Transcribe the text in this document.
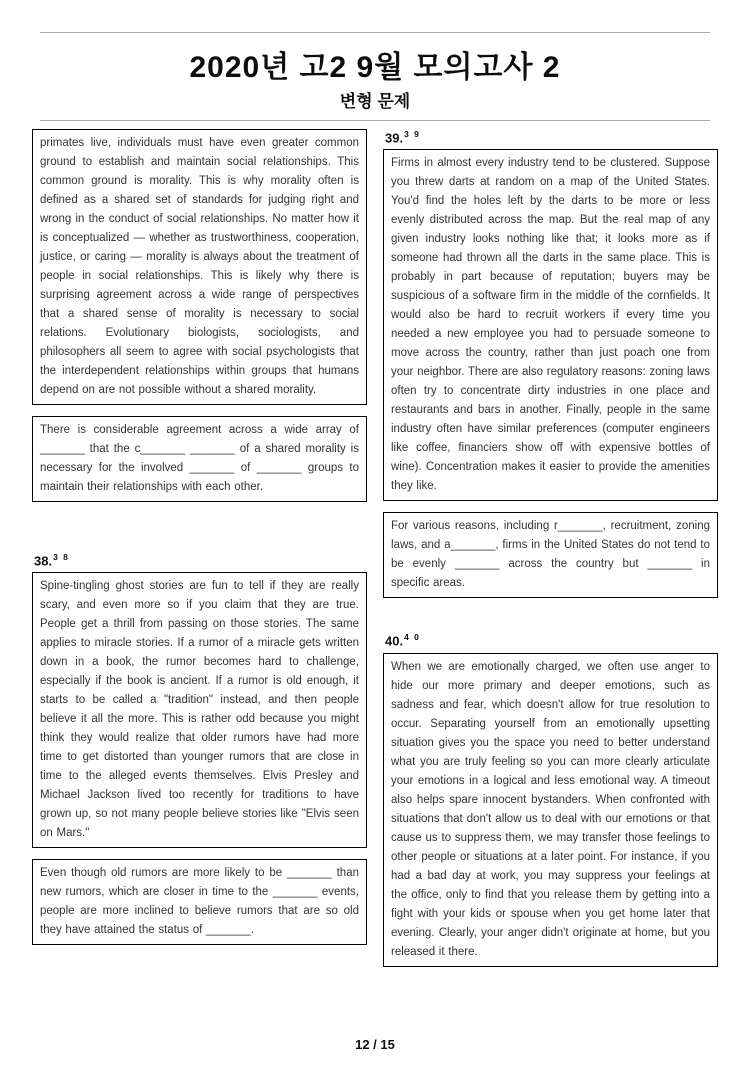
2020년 고2 9월 모의고사 2
변형 문제
primates live, individuals must have even greater common ground to establish and maintain social relationships. This common ground is morality. This is why morality often is defined as a shared set of standards for judging right and wrong in the conduct of social relationships. No matter how it is conceptualized — whether as trustworthiness, cooperation, justice, or caring — morality is always about the treatment of people in social relationships. This is likely why there is surprising agreement across a wide range of perspectives that a shared sense of morality is necessary to social relations. Evolutionary biologists, sociologists, and philosophers all seem to agree with social psychologists that the interdependent relationships within groups that humans depend on are not possible without a shared morality.
There is considerable agreement across a wide array of _______ that the c_______ _______ of a shared morality is necessary for the involved _______ of _______ groups to maintain their relationships with each other.
38.$^{3 8}$
Spine-tingling ghost stories are fun to tell if they are really scary, and even more so if you claim that they are true. People get a thrill from passing on those stories. The same applies to miracle stories. If a rumor of a miracle gets written down in a book, the rumor becomes hard to challenge, especially if the book is ancient. If a rumor is old enough, it starts to be called a "tradition" instead, and then people believe it all the more. This is rather odd because you might think they would realize that older rumors have had more time to get distorted than younger rumors that are close in time to the alleged events themselves. Elvis Presley and Michael Jackson lived too recently for traditions to have grown up, so not many people believe stories like "Elvis seen on Mars."
Even though old rumors are more likely to be _______ than new rumors, which are closer in time to the _______ events, people are more inclined to believe rumors that are so old they have attained the status of _______.
39.$^{3 9}$
Firms in almost every industry tend to be clustered. Suppose you threw darts at random on a map of the United States. You'd find the holes left by the darts to be more or less evenly distributed across the map. But the real map of any given industry looks nothing like that; it looks more as if someone had thrown all the darts in the same place. This is probably in part because of reputation; buyers may be suspicious of a software firm in the middle of the cornfields. It would also be hard to recruit workers if every time you needed a new employee you had to persuade someone to move across the country, rather than just poach one from your neighbor. There are also regulatory reasons: zoning laws often try to concentrate dirty industries in one place and restaurants and bars in another. Finally, people in the same industry often have similar preferences (computer engineers like coffee, financiers show off with expensive bottles of wine). Concentration makes it easier to provide the amenities they like.
For various reasons, including r_______, recruitment, zoning laws, and a_______, firms in the United States do not tend to be evenly _______ across the country but _______ in specific areas.
40.$^{4 0}$
When we are emotionally charged, we often use anger to hide our more primary and deeper emotions, such as sadness and fear, which doesn't allow for true resolution to occur. Separating yourself from an emotionally upsetting situation gives you the space you need to better understand what you are truly feeling so you can more clearly articulate your emotions in a logical and less emotional way. A timeout also helps spare innocent bystanders. When confronted with situations that don't allow us to deal with our emotions or that cause us to suppress them, we may transfer those feelings to other people or situations at a later point. For instance, if you had a bad day at work, you may suppress your feelings at the office, only to find that you release them by getting into a fight with your kids or spouse when you get home later that evening. Clearly, your anger didn't originate at home, but you released it there.
12 / 15
